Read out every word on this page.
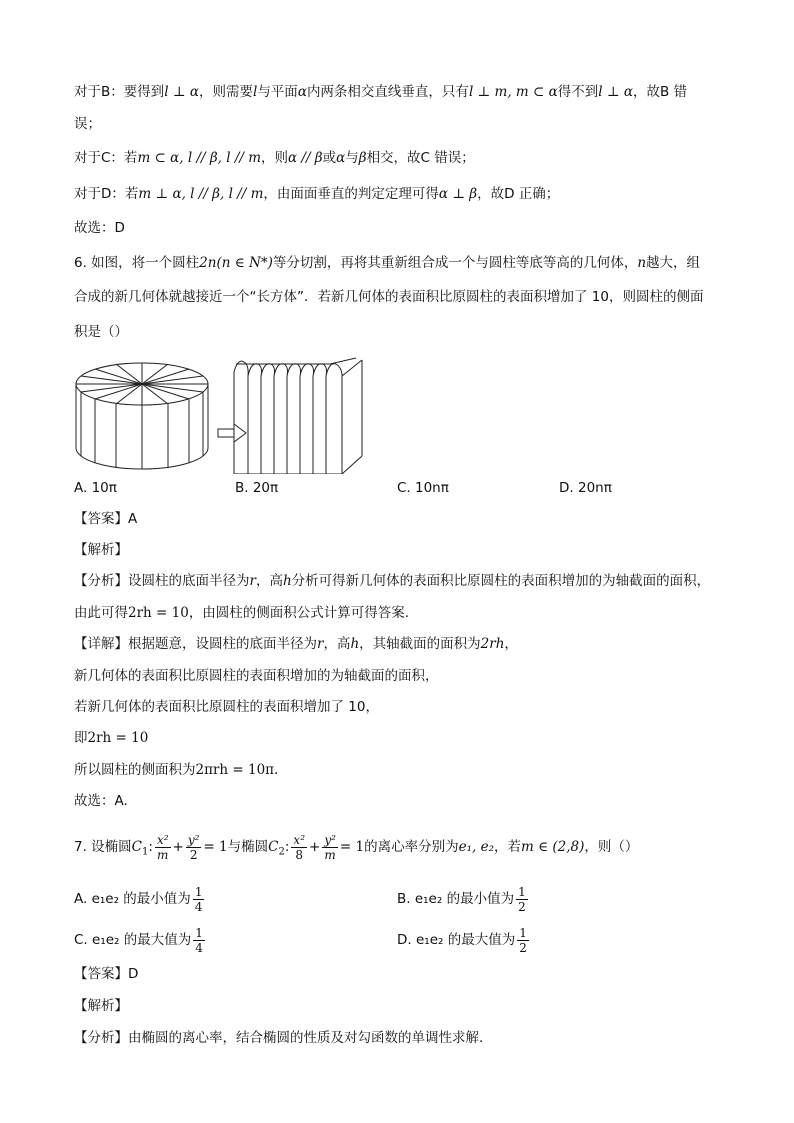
对于B：要得到l ⊥ α，则需要l与平面α内两条相交直线垂直，只有l ⊥ m, m ⊂ α得不到l ⊥ α，故B 错
误；
对于C：若m ⊂ α, l // β, l // m，则α // β或α与β相交，故C 错误；
对于D：若m ⊥ α, l // β, l // m，由面面垂直的判定定理可得α ⊥ β，故D 正确；
故选：D
6. 如图，将一个圆柱2n(n ∈ N*)等分切割，再将其重新组合成一个与圆柱等底等高的几何体，n越大，组
合成的新几何体就越接近一个“长方体”．若新几何体的表面积比原圆柱的表面积增加了 10，则圆柱的侧面
积是（）
A. 10π	B. 20π	C. 10nπ	D. 20nπ
【答案】A
【解析】
【分析】设圆柱的底面半径为r，高h分析可得新几何体的表面积比原圆柱的表面积增加的为轴截面的面积，
由此可得2rh = 10，由圆柱的侧面积公式计算可得答案.
【详解】根据题意，设圆柱的底面半径为r，高h，其轴截面的面积为2rh，
新几何体的表面积比原圆柱的表面积增加的为轴截面的面积，
若新几何体的表面积比原圆柱的表面积增加了 10，
即2rh = 10
所以圆柱的侧面积为2πrh = 10π.
故选：A.
7. 设椭圆$C_1$: $\frac{\text{x²}}{m} + \frac{\text{y²}}{2} = 1$与椭圆$C_2$: $\frac{\text{x²}}{8} + \frac{\text{y²}}{m} = 1$的离心率分别为e₁, e₂，若m ∈ (2,8)，则（）
A. e₁e₂ 的最小值为 $\frac{1}{4}$	B. e₁e₂ 的最小值为 $\frac{1}{2}$
C. e₁e₂ 的最大值为 $\frac{1}{4}$	D. e₁e₂ 的最大值为 $\frac{1}{2}$
【答案】D
【解析】
【分析】由椭圆的离心率，结合椭圆的性质及对勾函数的单调性求解．
